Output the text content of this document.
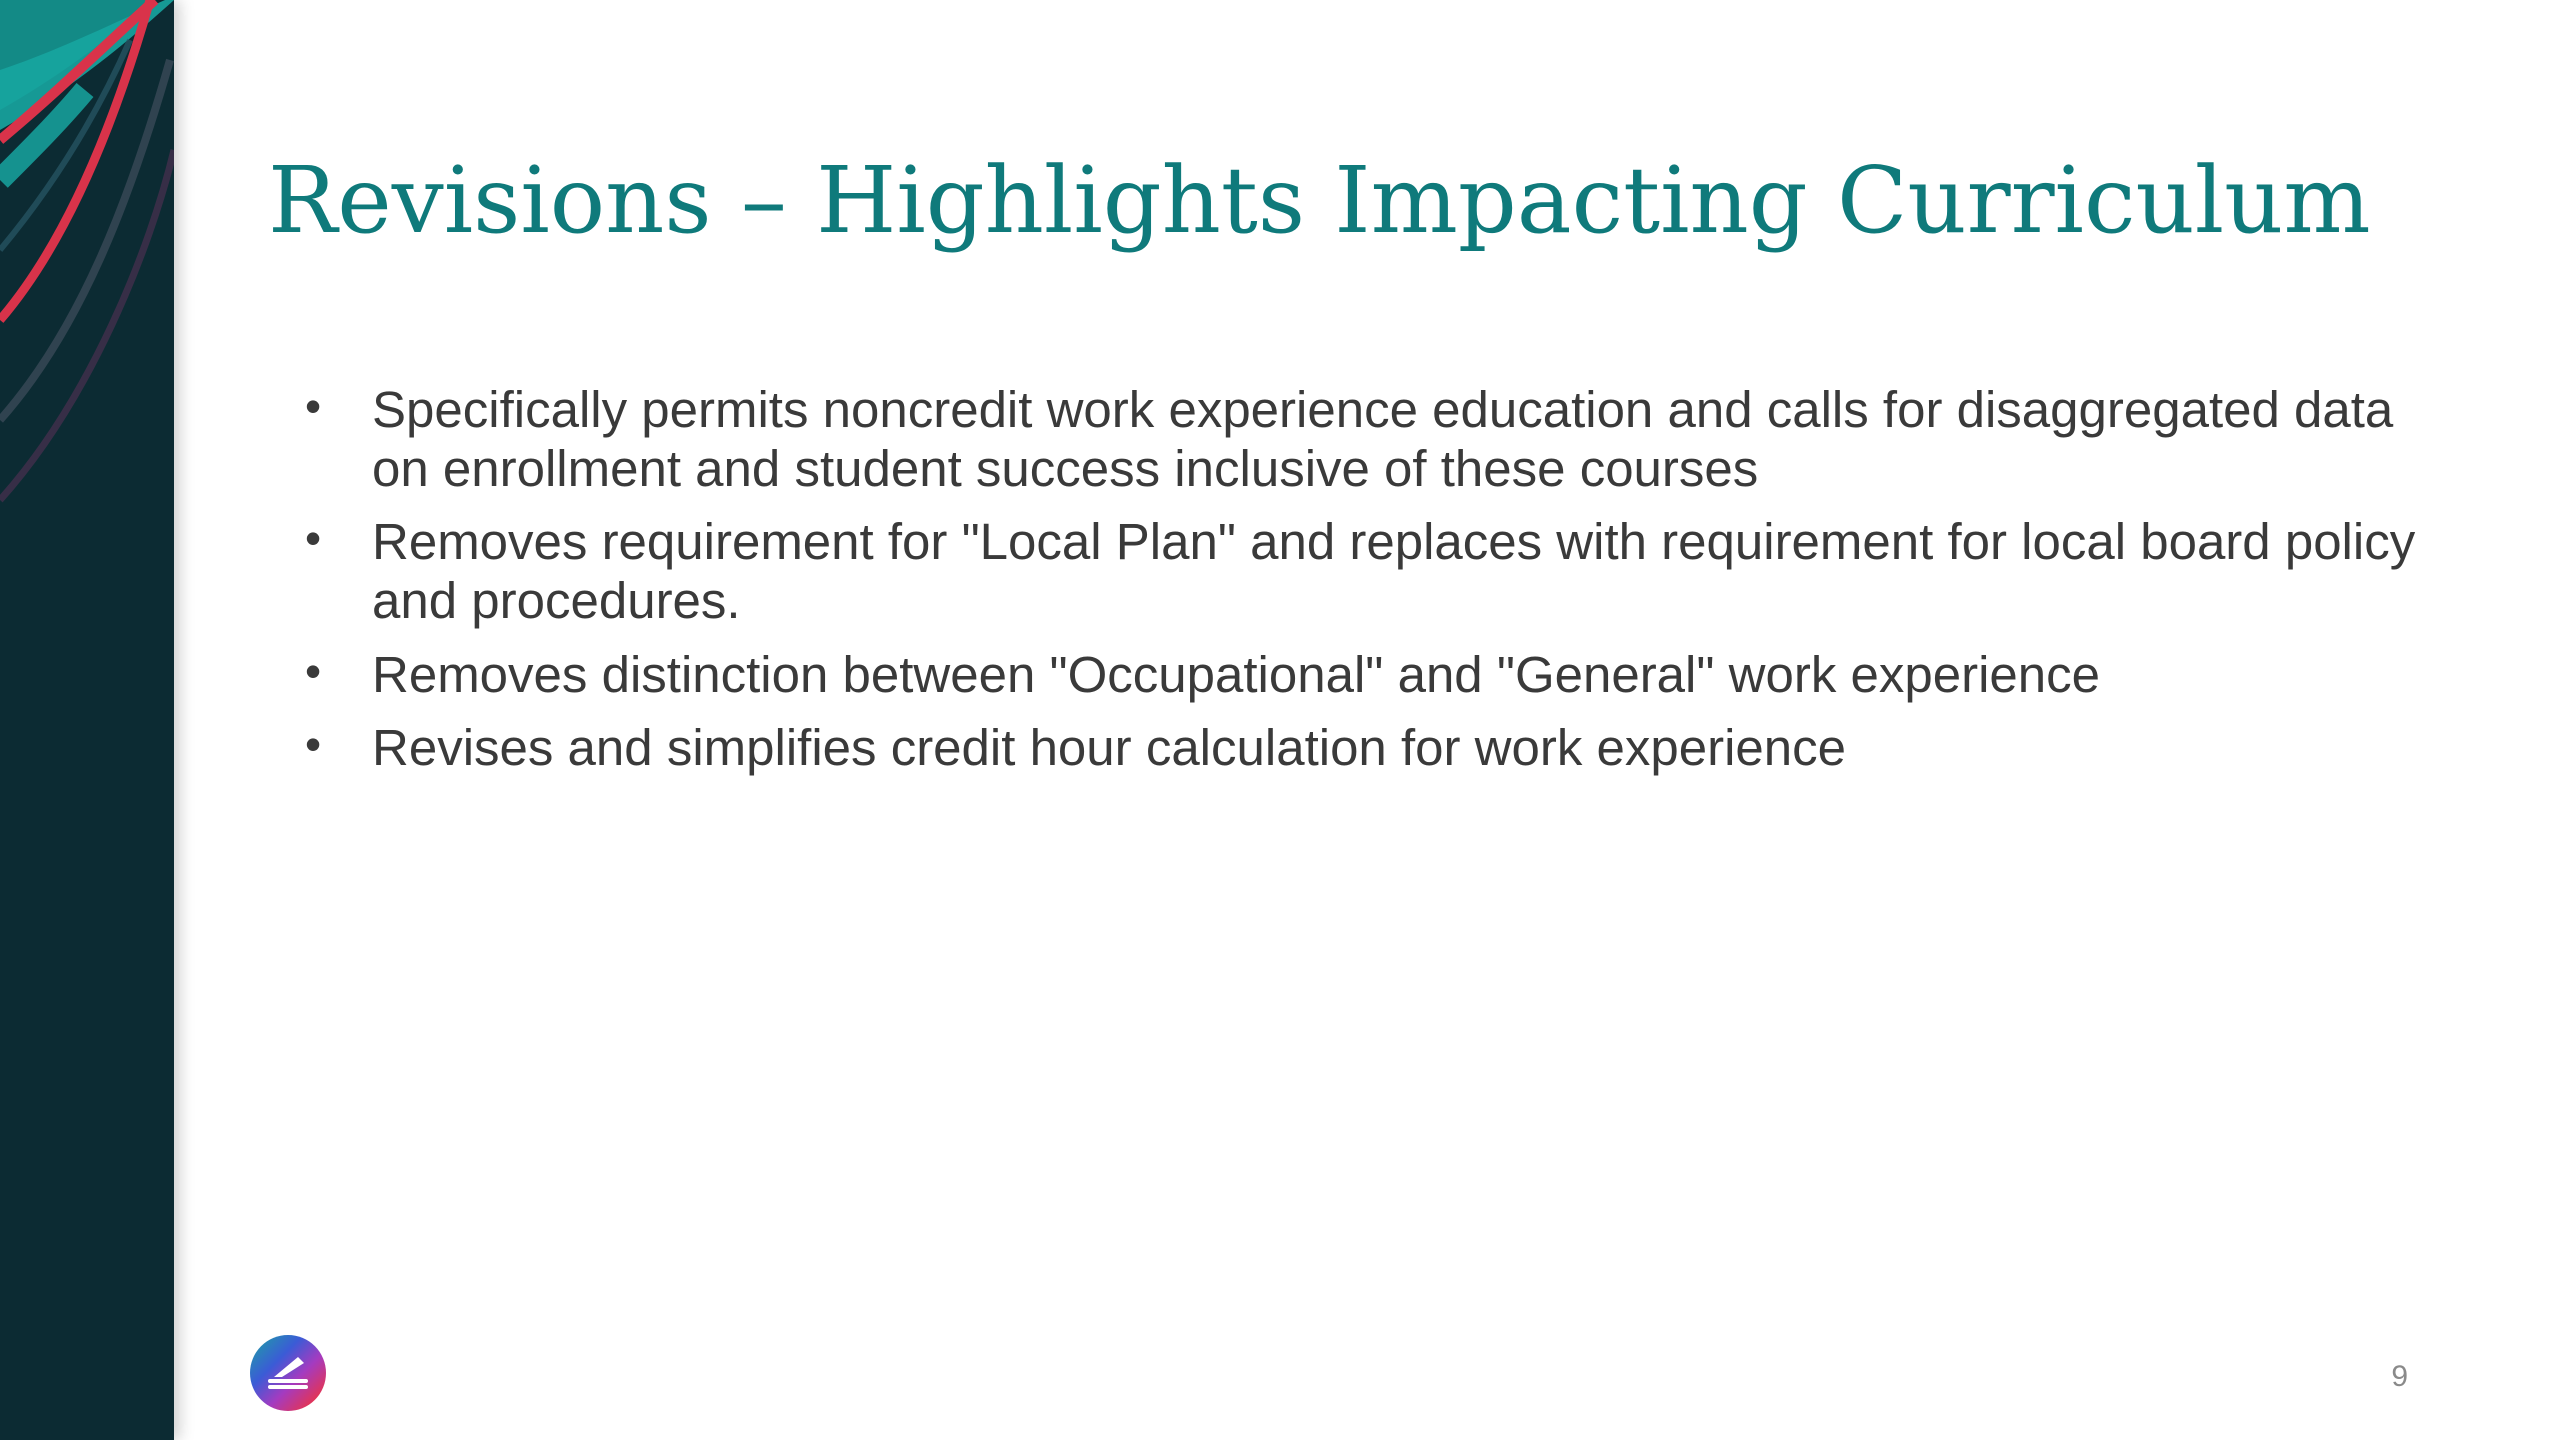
Revisions – Highlights Impacting Curriculum
• Specifically permits noncredit work experience education and calls for disaggregated data on enrollment and student success inclusive of these courses
• Removes requirement for "Local Plan" and replaces with requirement for local board policy and procedures.
• Removes distinction between "Occupational" and "General" work experience
• Revises and simplifies credit hour calculation for work experience
9
